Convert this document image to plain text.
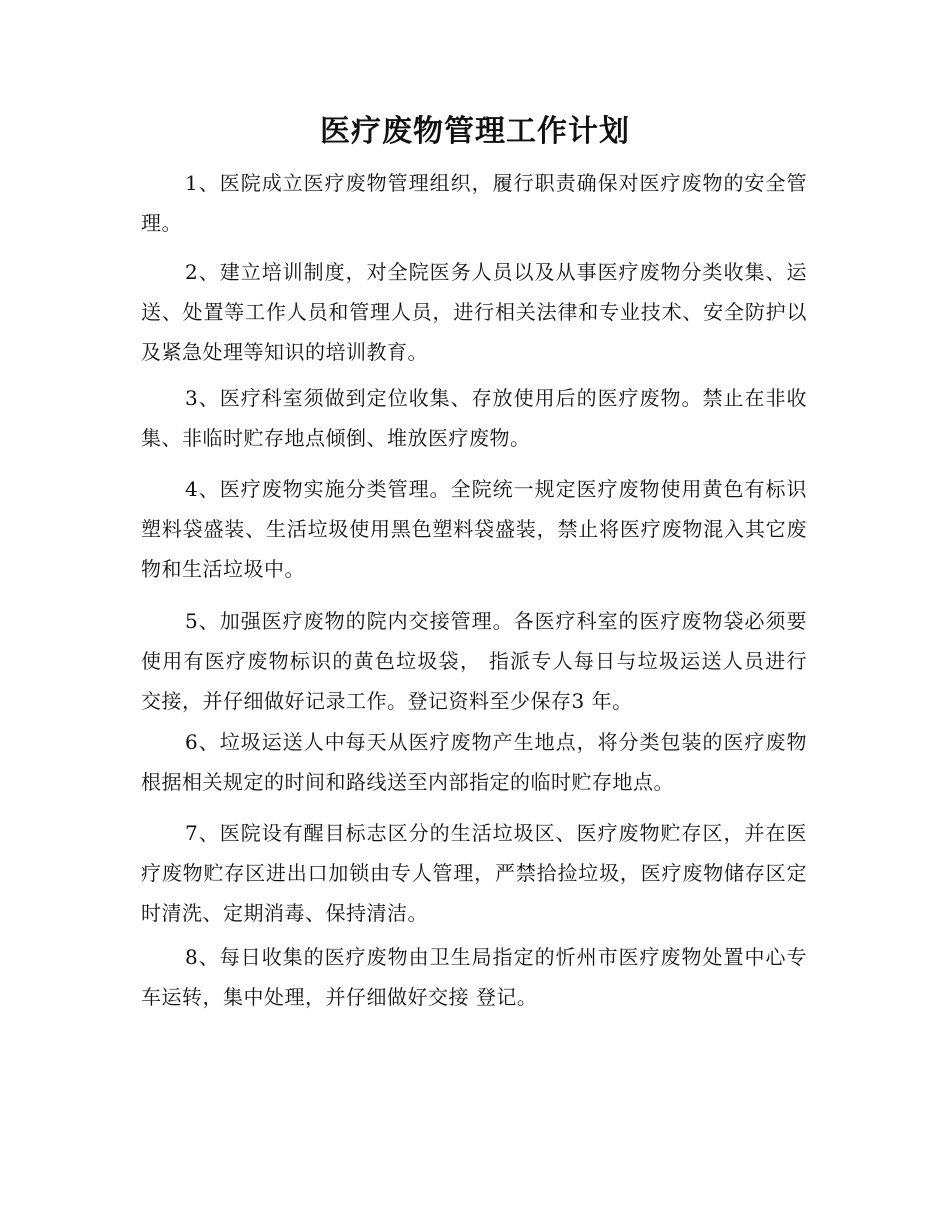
医疗废物管理工作计划

1、医院成立医疗废物管理组织，履行职责确保对医疗废物的安全管理。

2、建立培训制度，对全院医务人员以及从事医疗废物分类收集、运 送、处置等工作人员和管理人员，进行相关法律和专业技术、安全防护以及紧急处理等知识的培训教育。

3、医疗科室须做到定位收集、存放使用后的医疗废物。禁止在非收集、非临时贮存地点倾倒、堆放医疗废物。

4、医疗废物实施分类管理。全院统一规定医疗废物使用黄色有标识塑料袋盛装、生活垃圾使用黑色塑料袋盛装，禁止将医疗废物混入其它废物和生活垃圾中。

5、加强医疗废物的院内交接管理。各医疗科室的医疗废物袋必须要使用有医疗废物标识的黄色垃圾袋， 指派专人每日与垃圾运送人员进行 交接，并仔细做好记录工作。登记资料至少保存3 年。

6、垃圾运送人中每天从医疗废物产生地点，将分类包装的医疗废物 根据相关规定的时间和路线送至内部指定的临时贮存地点。

7、医院设有醒目标志区分的生活垃圾区、医疗废物贮存区，并在医疗废物贮存区进出口加锁由专人管理，严禁拾捡垃圾，医疗废物储存区定时清洗、定期消毒、保持清洁。

8、每日收集的医疗废物由卫生局指定的忻州市医疗废物处置中心专车运转，集中处理，并仔细做好交接 登记。
